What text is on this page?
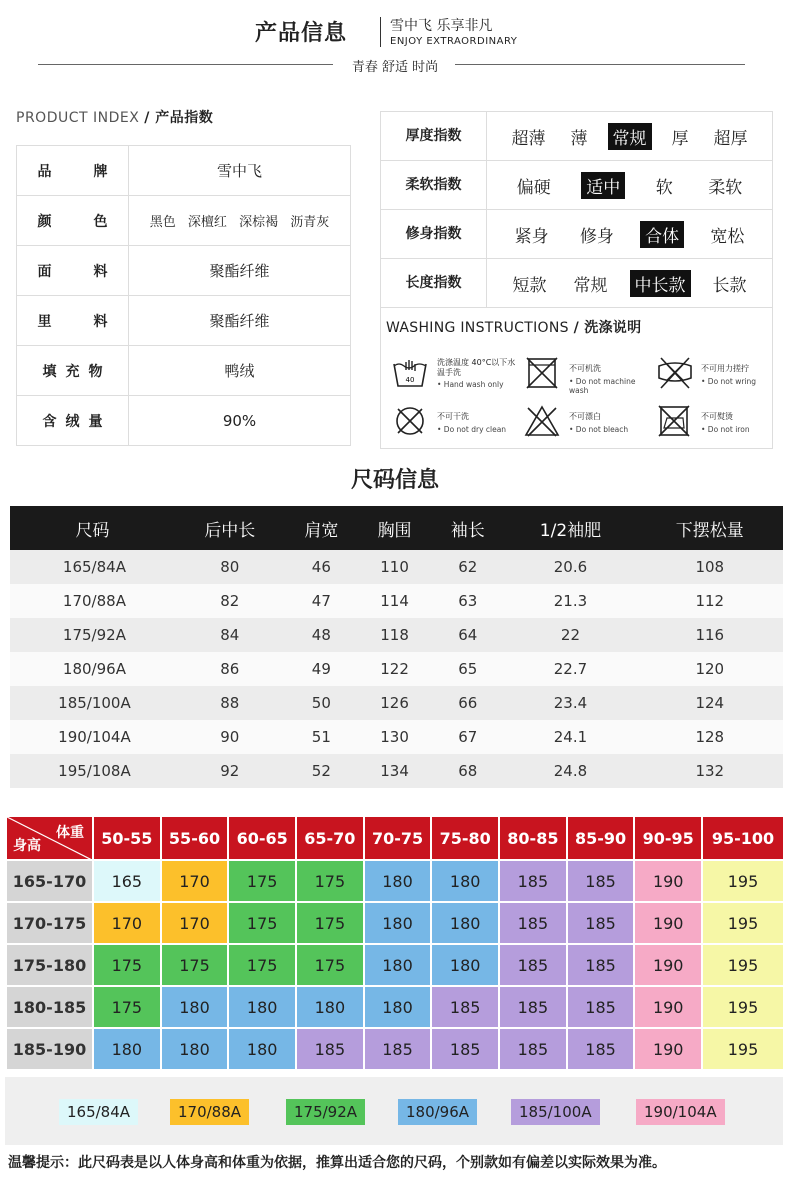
产品信息	雪中飞 乐享非凡
ENJOY EXTRAORDINARY
青春 舒适 时尚
PRODUCT INDEX / 产品指数
品牌	雪中飞
颜色	黑色 深檀红 深棕褐 沥青灰
面料	聚酯纤维
里料	聚酯纤维
填充物	鸭绒
含绒量	90%
厚度指数	超薄 薄 常规 厚 超厚
柔软指数	偏硬 适中 软 柔软
修身指数	紧身 修身 合体 宽松
长度指数	短款 常规 中长款 长款
WASHING INSTRUCTIONS / 洗涤说明
40
洗涤温度 40°C以下水温手洗
• Hand wash only
不可机洗
• Do not machine wash
不可用力搓拧
• Do not wring
不可干洗
• Do not dry clean
不可漂白
• Do not bleach
不可熨烫
• Do not iron
尺码信息
尺码	后中长	肩宽	胸围	袖长	1/2袖肥	下摆松量
165/84A	80	46	110	62	20.6	108
170/88A	82	47	114	63	21.3	112
175/92A	84	48	118	64	22	116
180/96A	86	49	122	65	22.7	120
185/100A	88	50	126	66	23.4	124
190/104A	90	51	130	67	24.1	128
195/108A	92	52	134	68	24.8	132
体重
身高	50-55	55-60	60-65	65-70	70-75	75-80	80-85	85-90	90-95	95-100
165-170	165	170	175	175	180	180	185	185	190	195
170-175	170	170	175	175	180	180	185	185	190	195
175-180	175	175	175	175	180	180	185	185	190	195
180-185	175	180	180	180	180	185	185	185	190	195
185-190	180	180	180	185	185	185	185	185	190	195
165/84A	170/88A	175/92A	180/96A	185/100A	190/104A
温馨提示：此尺码表是以人体身高和体重为依据，推算出适合您的尺码，个别款如有偏差以实际效果为准。
